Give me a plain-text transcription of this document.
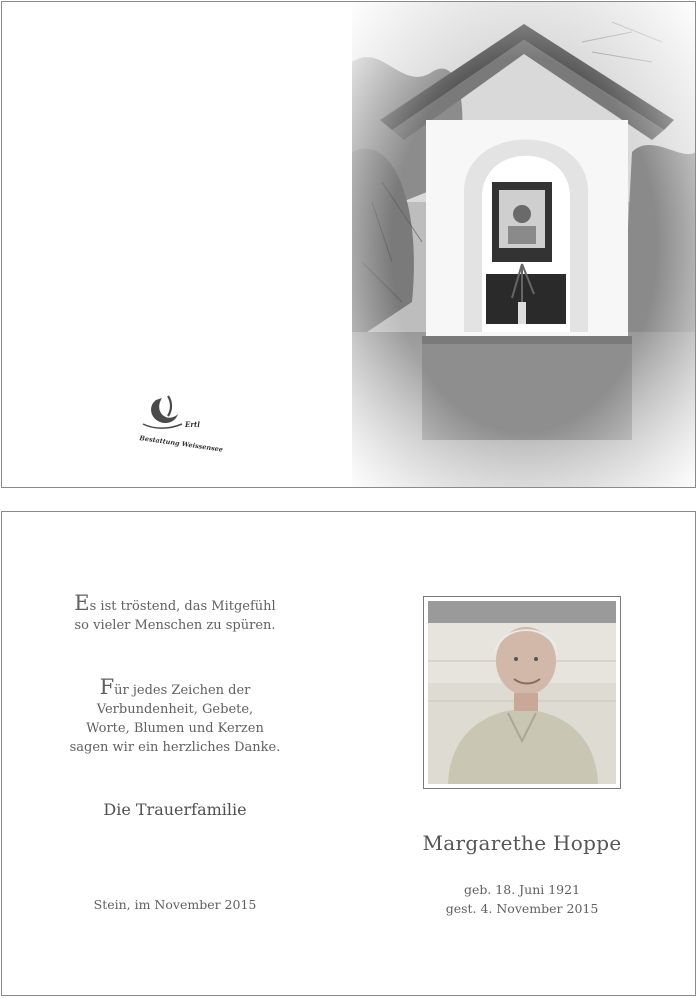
Ertl
Bestattung Weissensee
Es ist tröstend, das Mitgefühl
so vieler Menschen zu spüren.
Für jedes Zeichen der
Verbundenheit, Gebete,
Worte, Blumen und Kerzen
sagen wir ein herzliches Danke.
Die Trauerfamilie
Stein, im November 2015
Margarethe Hoppe
geb. 18. Juni 1921
gest. 4. November 2015
